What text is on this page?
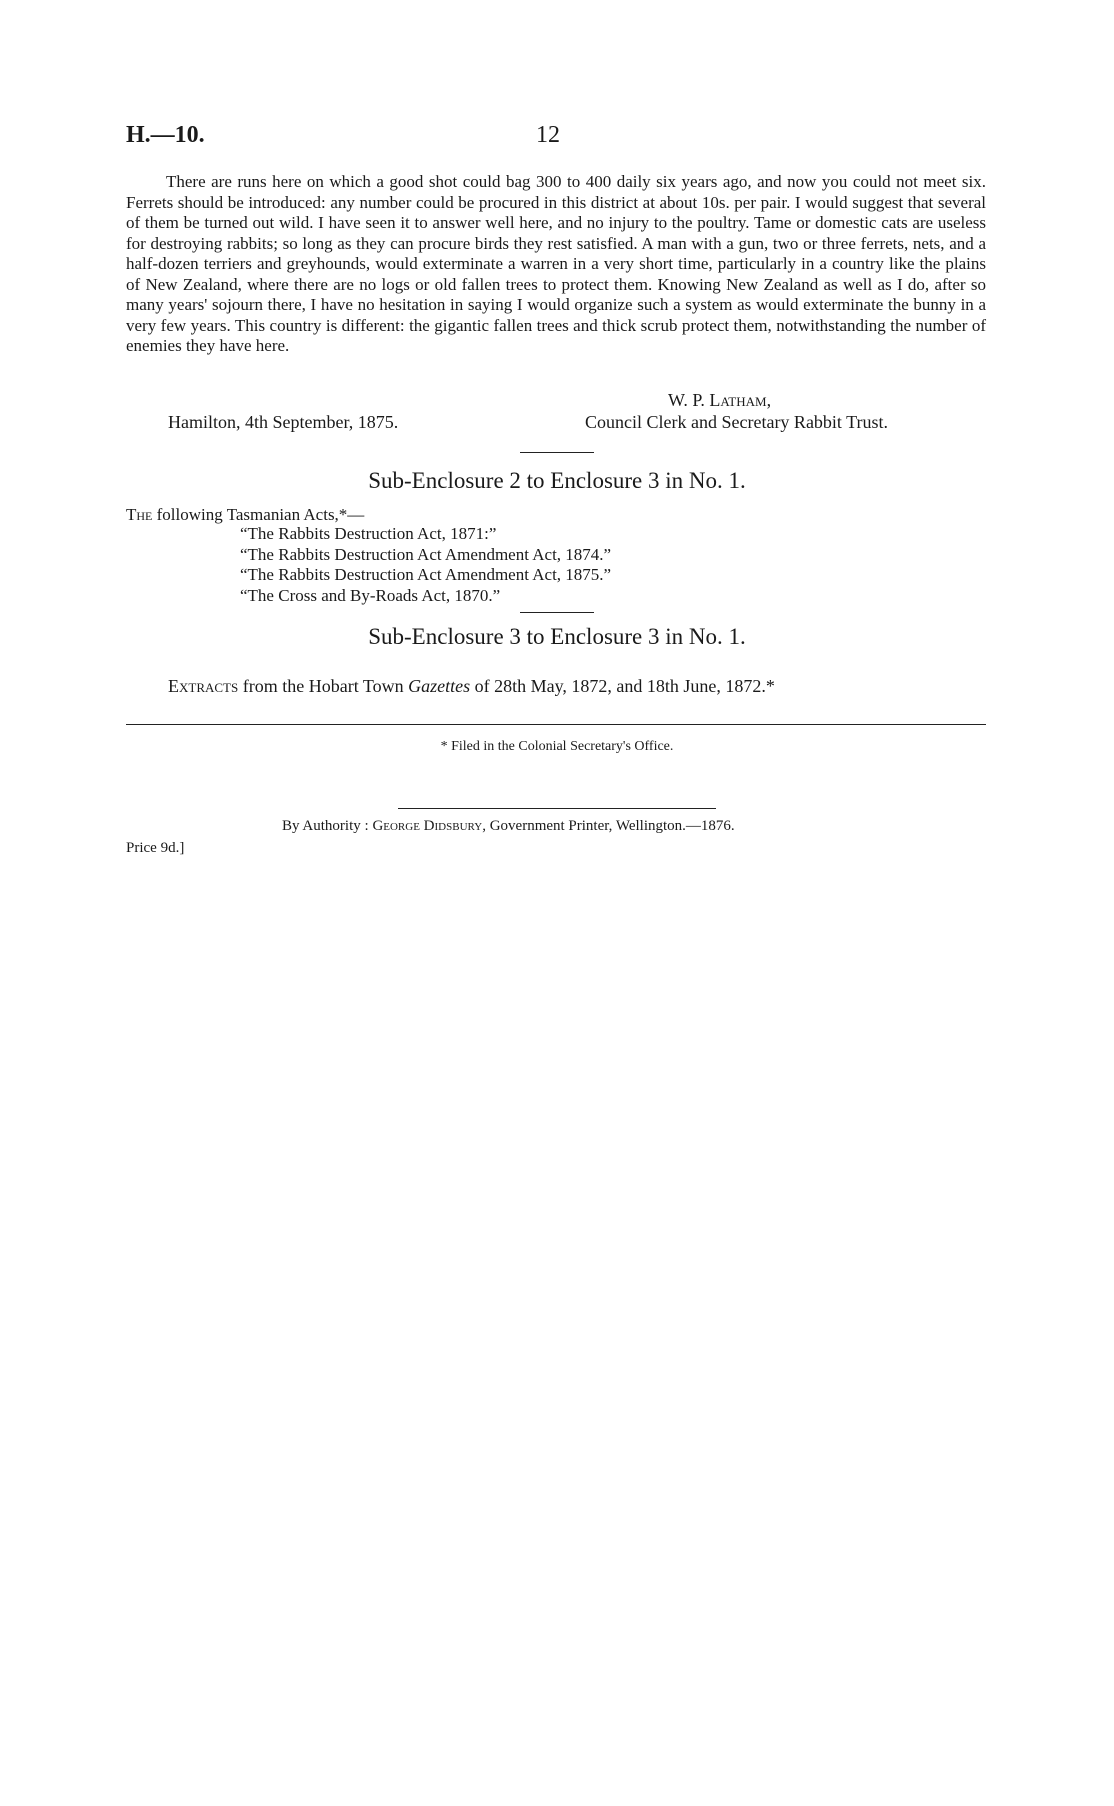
H.—10.	12
There are runs here on which a good shot could bag 300 to 400 daily six years ago, and now you could not meet six. Ferrets should be introduced: any number could be procured in this district at about 10s. per pair. I would suggest that several of them be turned out wild. I have seen it to answer well here, and no injury to the poultry. Tame or domestic cats are useless for destroying rabbits; so long as they can procure birds they rest satisfied. A man with a gun, two or three ferrets, nets, and a half-dozen terriers and greyhounds, would exterminate a warren in a very short time, particularly in a country like the plains of New Zealand, where there are no logs or old fallen trees to protect them. Knowing New Zealand as well as I do, after so many years' sojourn there, I have no hesitation in saying I would organize such a system as would exterminate the bunny in a very few years. This country is different: the gigantic fallen trees and thick scrub protect them, notwithstanding the number of enemies they have here.
W. P. Latham,
Hamilton, 4th September, 1875.	Council Clerk and Secretary Rabbit Trust.
Sub-Enclosure 2 to Enclosure 3 in No. 1.
The following Tasmanian Acts,*—
“The Rabbits Destruction Act, 1871:”
“The Rabbits Destruction Act Amendment Act, 1874.”
“The Rabbits Destruction Act Amendment Act, 1875.”
“The Cross and By-Roads Act, 1870.”
Sub-Enclosure 3 to Enclosure 3 in No. 1.
Extracts from the Hobart Town Gazettes of 28th May, 1872, and 18th June, 1872.*
* Filed in the Colonial Secretary's Office.
By Authority : George Didsbury, Government Printer, Wellington.—1876.
Price 9d.]
